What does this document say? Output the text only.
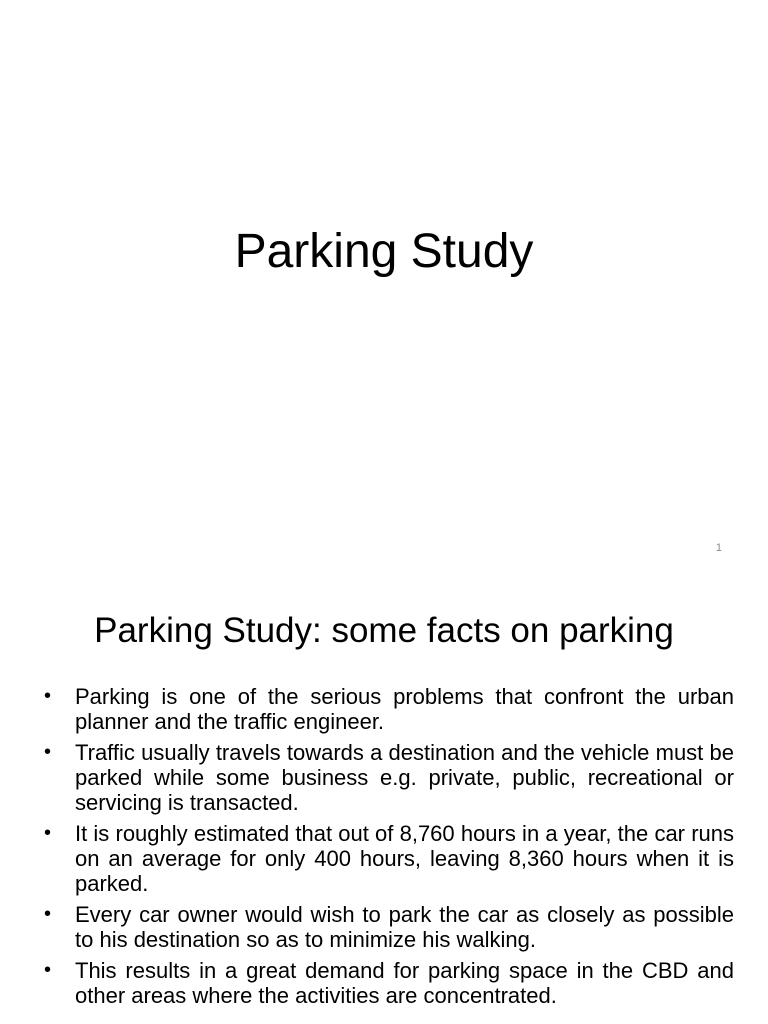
Parking Study
1
Parking Study: some facts on parking
•	Parking is one of the serious problems that confront the urban planner and the traffic engineer.
•	Traffic usually travels towards a destination and the vehicle must be parked while some business e.g. private, public, recreational or servicing is transacted.
•	It is roughly estimated that out of 8,760 hours in a year, the car runs on an average for only 400 hours, leaving 8,360 hours when it is parked.
•	Every car owner would wish to park the car as closely as possible to his destination so as to minimize his walking.
•	This results in a great demand for parking space in the CBD and other areas where the activities are concentrated.
